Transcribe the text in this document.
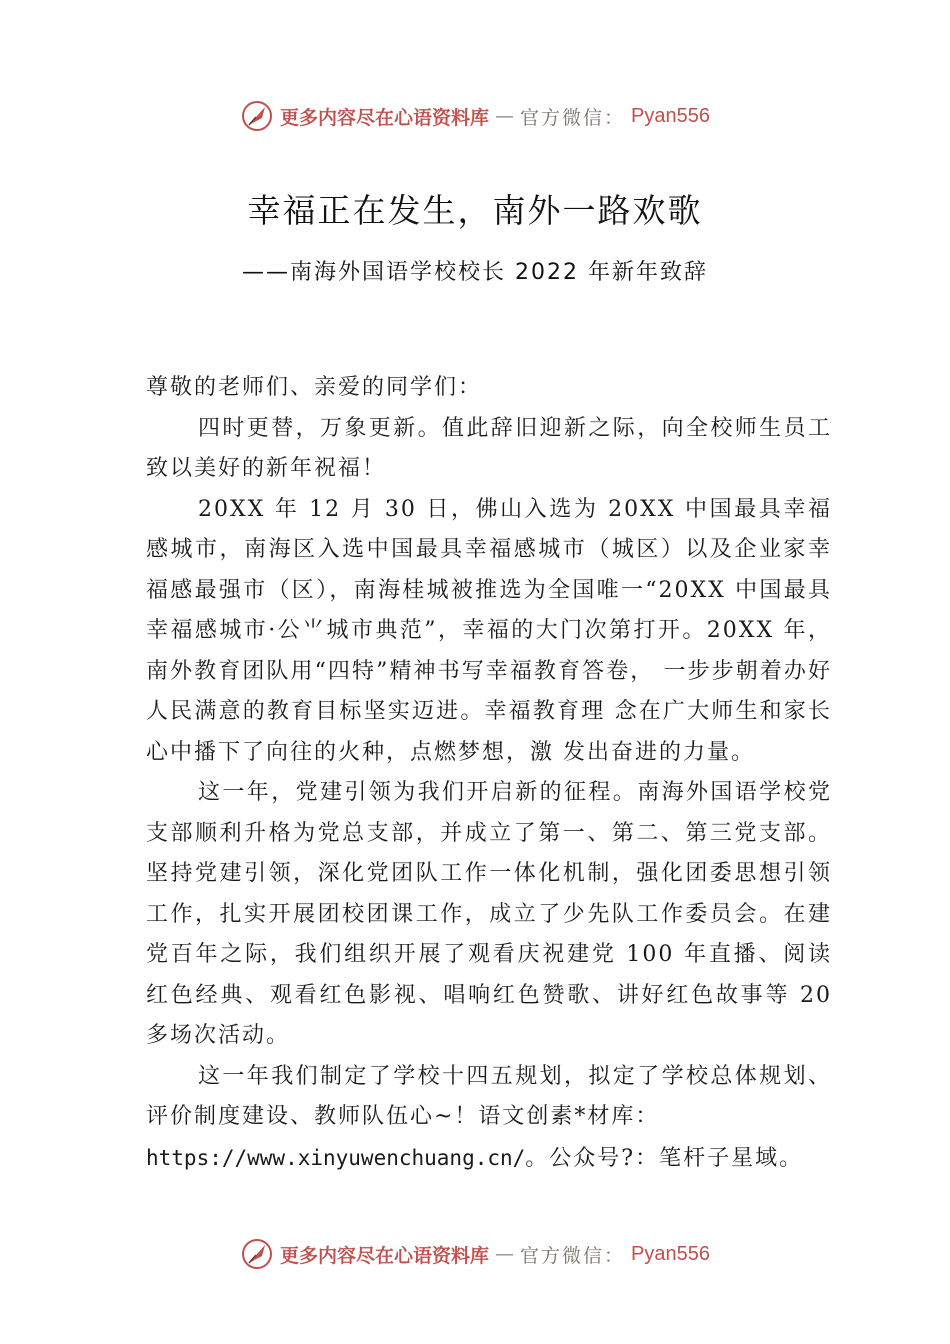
更多内容尽在心语资料库 — 官方微信： Pyan556
幸福正在发生，南外一路欢歌
——南海外国语学校校长 2022 年新年致辞

尊敬的老师们、亲爱的同学们：

四时更替，万象更新。值此辞旧迎新之际，向全校师生员工致以美好的新年祝福！

20XX 年 12 月 30 日，佛山入选为 20XX 中国最具幸福感城市，南海区入选中国最具幸福感城市（城区）以及企业家幸福感最强市（区），南海桂城被推选为全国唯一“20XX 中国最具幸福感城市·公⺌城市典范”，幸福的大门次第打开。20XX 年，南外教育团队用“四特”精神书写幸福教育答卷， 一步步朝着办好人民满意的教育目标坚实迈进。幸福教育理 念在广大师生和家长心中播下了向往的火种，点燃梦想，激 发出奋进的力量。

这一年，党建引领为我们开启新的征程。南海外国语学校党支部顺利升格为党总支部，并成立了第一、第二、第三党支部。坚持党建引领，深化党团队工作一体化机制，强化团委思想引领工作，扎实开展团校团课工作，成立了少先队工作委员会。在建党百年之际，我们组织开展了观看庆祝建党 100 年直播、阅读红色经典、观看红色影视、唱响红色赞歌、讲好红色故事等 20 多场次活动。

这一年我们制定了学校十四五规划，拟定了学校总体规划、评价制度建设、教师队伍心~！语文创素*材库：

https://www.xinyuwenchuang.cn/。公众号?：笔杆子星域。

更多内容尽在心语资料库 — 官方微信： Pyan556
